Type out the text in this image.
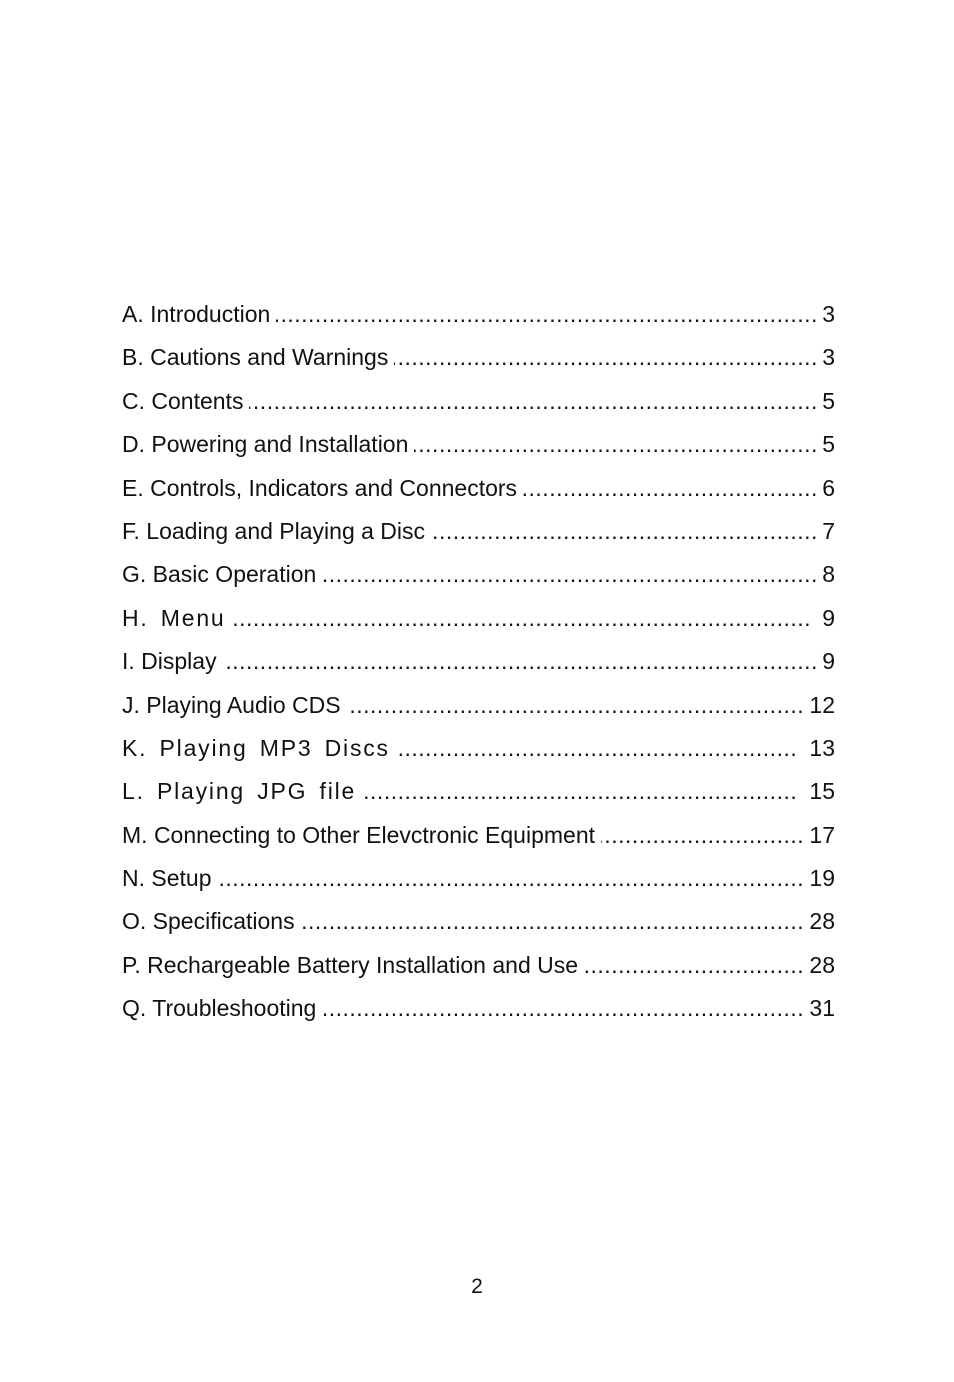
A. Introduction .....	3
B. Cautions and Warnings .....	3
C. Contents .....	5
D. Powering and Installation .....	5
E. Controls, Indicators and Connectors .....	6
F. Loading and Playing a Disc .....	7
G. Basic Operation .....	8
H. Menu .....	9
I. Display .....	9
J. Playing Audio CDS .....	12
K. Playing MP3 Discs .....	13
L. Playing JPG file .....	15
M. Connecting to Other Elevctronic Equipment .....	17
N. Setup .....	19
O. Specifications .....	28
P. Rechargeable Battery Installation and Use .....	28
Q. Troubleshooting .....	31
2
